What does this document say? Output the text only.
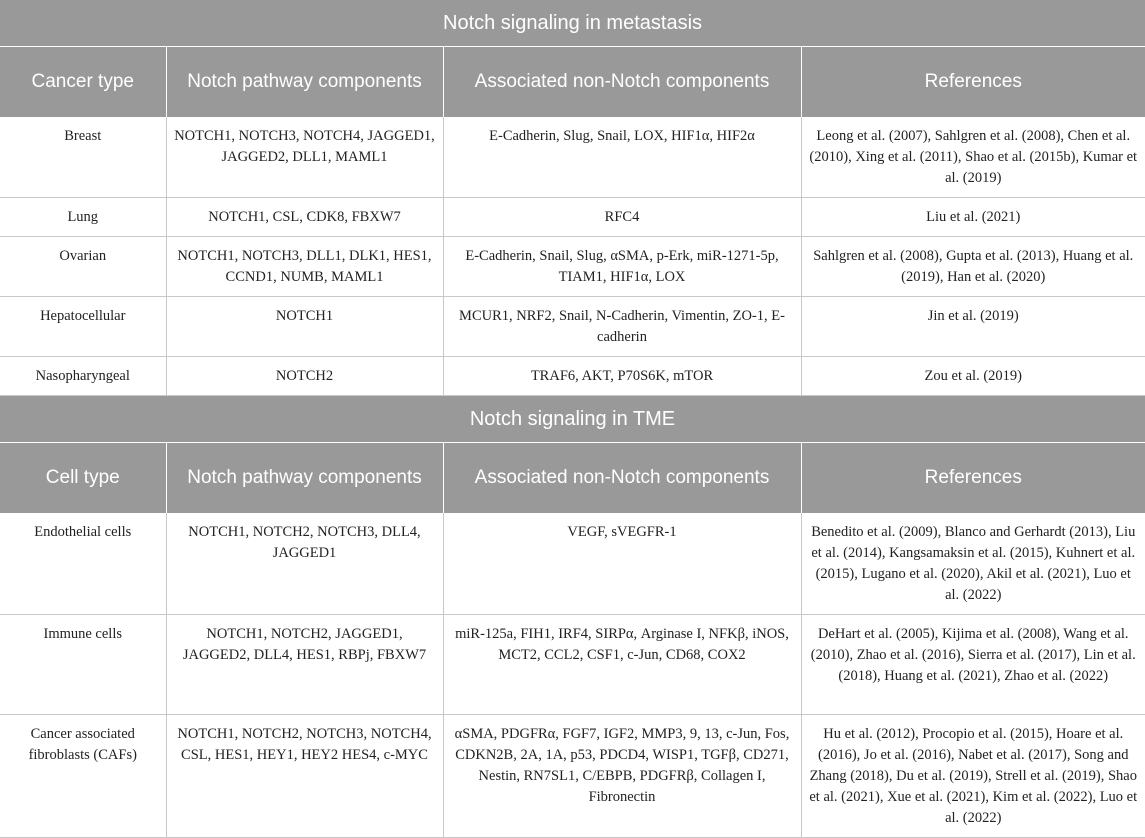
Notch signaling in metastasis			
Cancer type	Notch pathway components	Associated non-Notch components	References
Breast	NOTCH1, NOTCH3, NOTCH4, JAGGED1, JAGGED2, DLL1, MAML1	E-Cadherin, Slug, Snail, LOX, HIF1α, HIF2α	Leong et al. (2007), Sahlgren et al. (2008), Chen et al. (2010), Xing et al. (2011), Shao et al. (2015b), Kumar et al. (2019)
Lung	NOTCH1, CSL, CDK8, FBXW7	RFC4	Liu et al. (2021)
Ovarian	NOTCH1, NOTCH3, DLL1, DLK1, HES1, CCND1, NUMB, MAML1	E-Cadherin, Snail, Slug, αSMA, p-Erk, miR-1271-5p, TIAM1, HIF1α, LOX	Sahlgren et al. (2008), Gupta et al. (2013), Huang et al. (2019), Han et al. (2020)
Hepatocellular	NOTCH1	MCUR1, NRF2, Snail, N-Cadherin, Vimentin, ZO-1, E-cadherin	Jin et al. (2019)
Nasopharyngeal	NOTCH2	TRAF6, AKT, P70S6K, mTOR	Zou et al. (2019)
Notch signaling in TME			
Cell type	Notch pathway components	Associated non-Notch components	References
Endothelial cells	NOTCH1, NOTCH2, NOTCH3, DLL4, JAGGED1	VEGF, sVEGFR-1	Benedito et al. (2009), Blanco and Gerhardt (2013), Liu et al. (2014), Kangsamaksin et al. (2015), Kuhnert et al. (2015), Lugano et al. (2020), Akil et al. (2021), Luo et al. (2022)
Immune cells	NOTCH1, NOTCH2, JAGGED1, JAGGED2, DLL4, HES1, RBPj, FBXW7	miR-125a, FIH1, IRF4, SIRPα, Arginase I, NFKβ, iNOS, MCT2, CCL2, CSF1, c-Jun, CD68, COX2	DeHart et al. (2005), Kijima et al. (2008), Wang et al. (2010), Zhao et al. (2016), Sierra et al. (2017), Lin et al. (2018), Huang et al. (2021), Zhao et al. (2022)
Cancer associated fibroblasts (CAFs)	NOTCH1, NOTCH2, NOTCH3, NOTCH4, CSL, HES1, HEY1, HEY2 HES4, c-MYC	αSMA, PDGFRα, FGF7, IGF2, MMP3, 9, 13, c-Jun, Fos, CDKN2B, 2A, 1A, p53, PDCD4, WISP1, TGFβ, CD271, Nestin, RN7SL1, C/EBPB, PDGFRβ, Collagen I, Fibronectin	Hu et al. (2012), Procopio et al. (2015), Hoare et al. (2016), Jo et al. (2016), Nabet et al. (2017), Song and Zhang (2018), Du et al. (2019), Strell et al. (2019), Shao et al. (2021), Xue et al. (2021), Kim et al. (2022), Luo et al. (2022)
